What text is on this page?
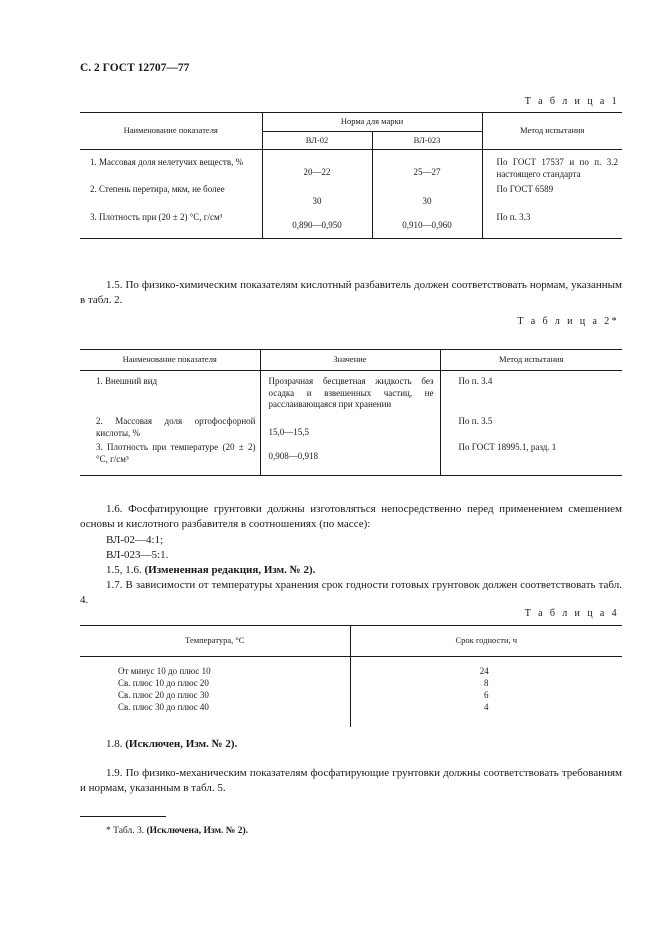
С. 2 ГОСТ 12707—77
Т а б л и ц а 1
Наименование показателя	Норма для марки		Метод испытания
	ВЛ-02	ВЛ-023	
1. Массовая доля нелетучих веществ, %	20—22	25—27	По ГОСТ 17537 и по п. 3.2 настоящего стандарта
2. Степень перетира, мкм, не более	30	30	По ГОСТ 6589
3. Плотность при (20 ± 2) °С, г/см³	0,890—0,950	0,910—0,960	По п. 3.3
1.5. По физико-химическим показателям кислотный разбавитель должен соответствовать нормам, указанным в табл. 2.
Т а б л и ц а 2*
Наименование показателя	Значение	Метод испытания
1. Внешний вид	Прозрачная бесцветная жидкость без осадка и взвешенных частиц, не расслаивающаяся при хранении	По п. 3.4
2. Массовая доля ортофосфорной кислоты, %	15,0—15,5	По п. 3.5
3. Плотность при температуре (20 ± 2) °С, г/см³	0,908—0,918	По ГОСТ 18995.1, разд. 1
1.6. Фосфатирующие грунтовки должны изготовляться непосредственно перед применением смешением основы и кислотного разбавителя в соотношениях (по массе):
ВЛ-02—4:1;
ВЛ-023—5:1.
1.5, 1.6. (Измененная редакция, Изм. № 2).
1.7. В зависимости от температуры хранения срок годности готовых грунтовок должен соответствовать табл. 4.
Т а б л и ц а 4
Температура, °С	Срок годности, ч
От минус 10 до плюс 10	24
Св. плюс 10 до плюс 20	8
Св. плюс 20 до плюс 30	6
Св. плюс 30 до плюс 40	4
1.8. (Исключен, Изм. № 2).
1.9. По физико-механическим показателям фосфатирующие грунтовки должны соответствовать требованиям и нормам, указанным в табл. 5.
* Табл. 3. (Исключена, Изм. № 2).
